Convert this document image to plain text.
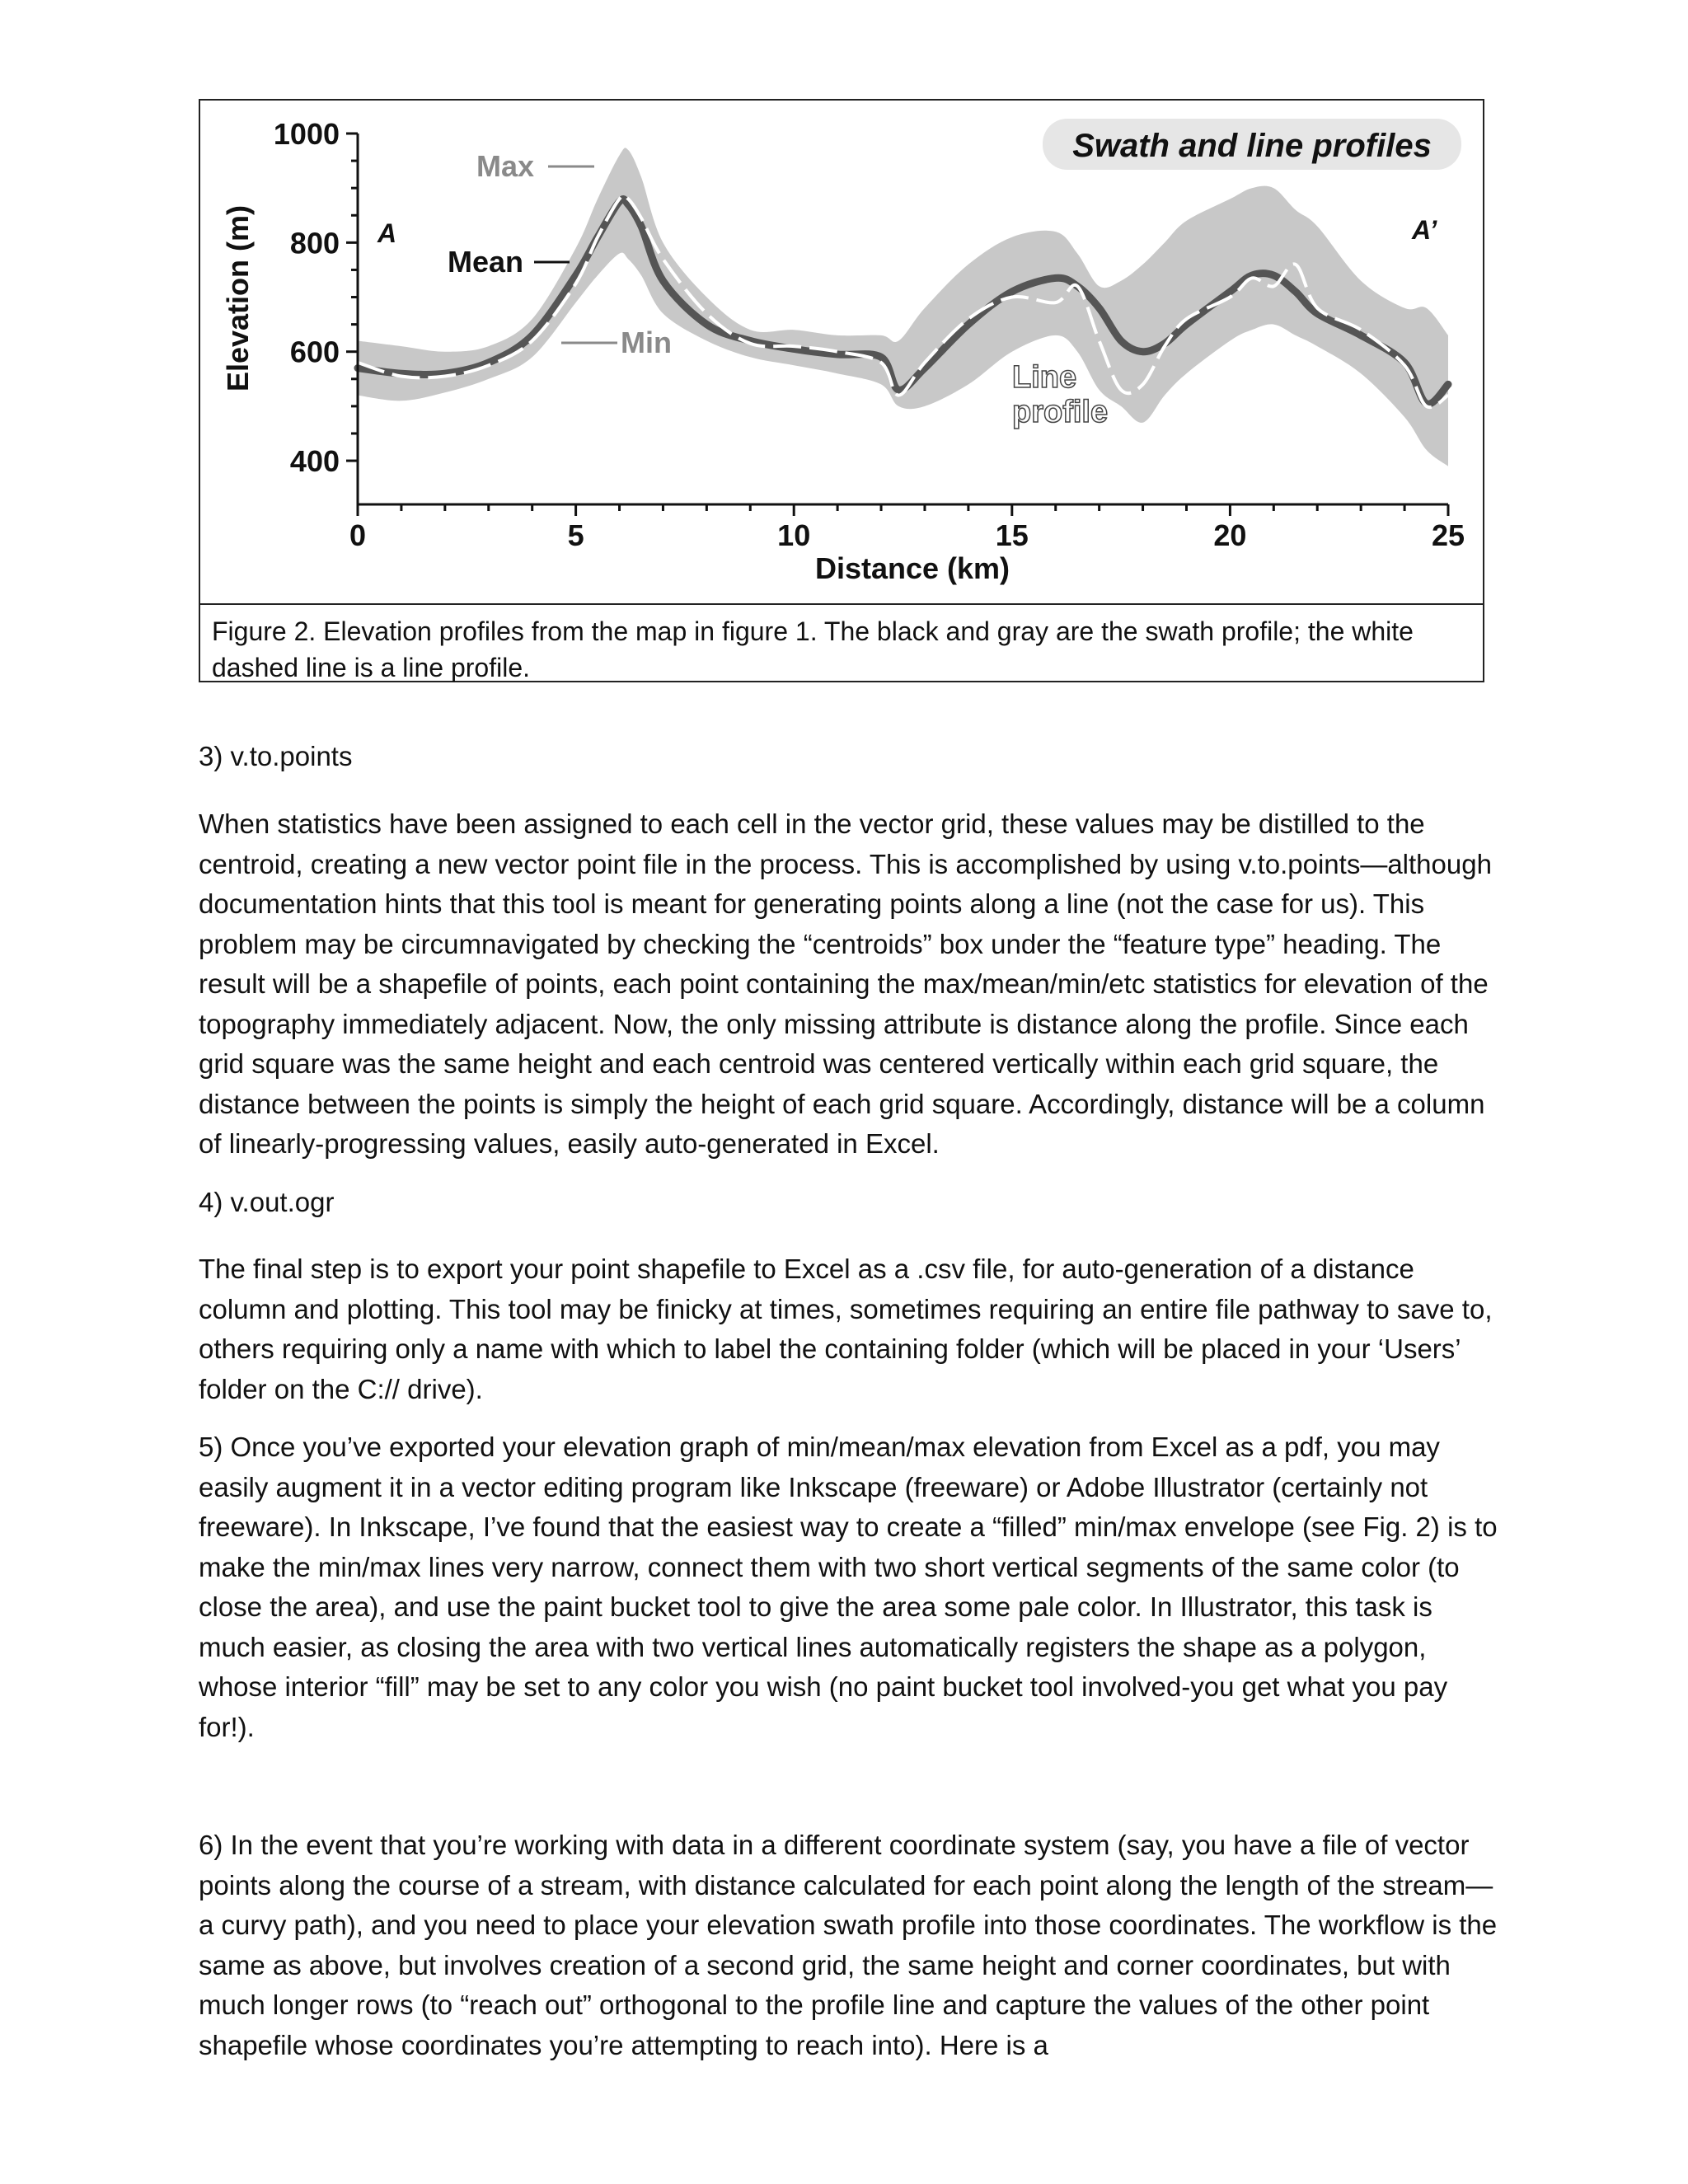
1000
800
600
400
0	5	10	15	20	25
Swath and line profiles
Elevation (m)
Distance (km)
A	A’
Max
Mean
Min
Line
profile
Figure 2. Elevation profiles from the map in figure 1. The black and gray are the swath profile; the white dashed line is a line profile.
3) v.to.points
When statistics have been assigned to each cell in the vector grid, these values may be distilled to the centroid, creating a new vector point file in the process. This is accomplished by using v.to.points—although documentation hints that this tool is meant for generating points along a line (not the case for us). This problem may be circumnavigated by checking the “centroids” box under the “feature type” heading. The result will be a shapefile of points, each point containing the max/mean/min/etc statistics for elevation of the topography immediately adjacent. Now, the only missing attribute is distance along the profile. Since each grid square was the same height and each centroid was centered vertically within each grid square, the distance between the points is simply the height of each grid square. Accordingly, distance will be a column of linearly-progressing values, easily auto-generated in Excel.
4) v.out.ogr
The final step is to export your point shapefile to Excel as a .csv file, for auto-generation of a distance column and plotting. This tool may be finicky at times, sometimes requiring an entire file pathway to save to, others requiring only a name with which to label the containing folder (which will be placed in your ‘Users’ folder on the C:// drive).
5) Once you’ve exported your elevation graph of min/mean/max elevation from Excel as a pdf, you may easily augment it in a vector editing program like Inkscape (freeware) or Adobe Illustrator (certainly not freeware). In Inkscape, I’ve found that the easiest way to create a “filled” min/max envelope (see Fig. 2) is to make the min/max lines very narrow, connect them with two short vertical segments of the same color (to close the area), and use the paint bucket tool to give the area some pale color. In Illustrator, this task is much easier, as closing the area with two vertical lines automatically registers the shape as a polygon, whose interior “fill” may be set to any color you wish (no paint bucket tool involved-you get what you pay for!).
6) In the event that you’re working with data in a different coordinate system (say, you have a file of vector points along the course of a stream, with distance calculated for each point along the length of the stream—a curvy path), and you need to place your elevation swath profile into those coordinates. The workflow is the same as above, but involves creation of a second grid, the same height and corner coordinates, but with much longer rows (to “reach out” orthogonal to the profile line and capture the values of the other point shapefile whose coordinates you’re attempting to reach into). Here is a
